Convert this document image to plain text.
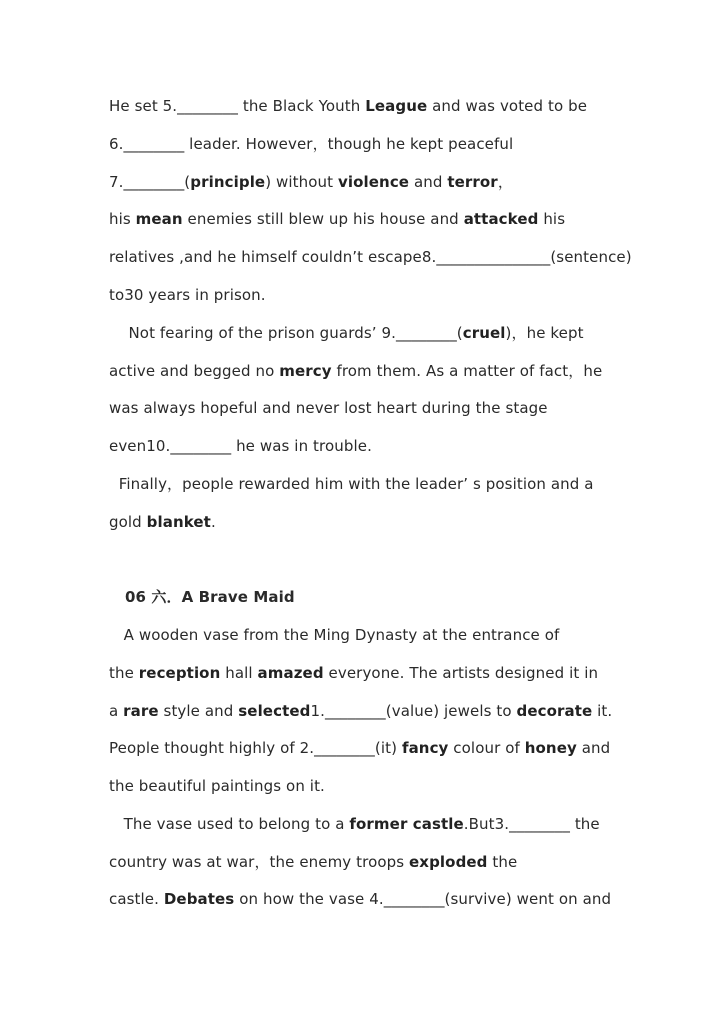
He set 5.________ the Black Youth League and was voted to be
6.________ leader. However，though he kept peaceful
7.________(principle) without violence and terror，
his mean enemies still blew up his house and attacked his
relatives ,and he himself couldn’t escape8._______________(sentence)
to30 years in prison.
Not fearing of the prison guards’ 9.________(cruel)，he kept
active and begged no mercy from them. As a matter of fact，he
was always hopeful and never lost heart during the stage
even10.________ he was in trouble.
Finally，people rewarded him with the leader’ s position and a
gold blanket.
06 六．A Brave Maid
A wooden vase from the Ming Dynasty at the entrance of
the reception hall amazed everyone. The artists designed it in
a rare style and selected1.________(value) jewels to decorate it.
People thought highly of 2.________(it) fancy colour of honey and
the beautiful paintings on it.
The vase used to belong to a former castle.But3.________ the
country was at war，the enemy troops exploded the
castle. Debates on how the vase 4.________(survive) went on and
